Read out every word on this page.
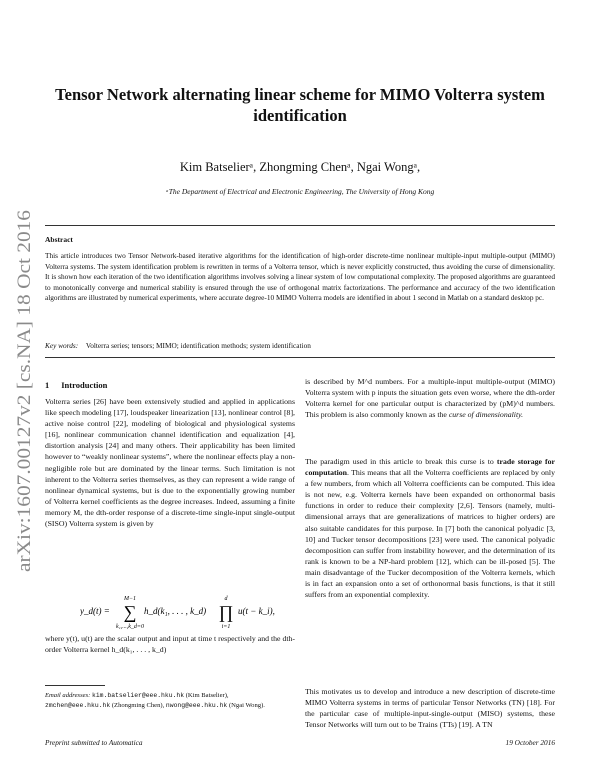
arXiv:1607.00127v2 [cs.NA] 18 Oct 2016
Tensor Network alternating linear scheme for MIMO Volterra system identification
Kim Batselierᵃ, Zhongming Chenᵃ, Ngai Wongᵃ,
ᵃThe Department of Electrical and Electronic Engineering, The University of Hong Kong
Abstract
This article introduces two Tensor Network-based iterative algorithms for the identification of high-order discrete-time nonlinear multiple-input multiple-output (MIMO) Volterra systems. The system identification problem is rewritten in terms of a Volterra tensor, which is never explicitly constructed, thus avoiding the curse of dimensionality. It is shown how each iteration of the two identification algorithms involves solving a linear system of low computational complexity. The proposed algorithms are guaranteed to monotonically converge and numerical stability is ensured through the use of orthogonal matrix factorizations. The performance and accuracy of the two identification algorithms are illustrated by numerical experiments, where accurate degree-10 MIMO Volterra models are identified in about 1 second in Matlab on a standard desktop pc.
Key words: Volterra series; tensors; MIMO; identification methods; system identification
1 Introduction

Volterra series [26] have been extensively studied and applied in applications like speech modeling [17], loudspeaker linearization [13], nonlinear control [8], active noise control [22], modeling of biological and physiological systems [16], nonlinear communication channel identification and equalization [4], distortion analysis [24] and many others. Their applicability has been limited however to “weakly nonlinear systems”, where the nonlinear effects play a non-negligible role but are dominated by the linear terms. Such limitation is not inherent to the Volterra series themselves, as they can represent a wide range of nonlinear dynamical systems, but is due to the exponentially growing number of Volterra kernel coefficients as the degree increases. Indeed, assuming a finite memory M, the dth-order response of a discrete-time single-input single-output (SISO) Volterra system is given by

y_d(t) =
M−1
∑
k₁,...,k_d=0
h_d(k₁, . . . , k_d)
d
∏
i=1
u(t − k_i),

where y(t), u(t) are the scalar output and input at time t respectively and the dth-order Volterra kernel h_d(k₁, . . . , k_d)

Email addresses: kim.batselier@eee.hku.hk (Kim Batselier), zmchen@eee.hku.hk (Zhongming Chen), nwong@eee.hku.hk (Ngai Wong).

is described by M^d numbers. For a multiple-input multiple-output (MIMO) Volterra system with p inputs the situation gets even worse, where the dth-order Volterra kernel for one particular output is characterized by (pM)^d numbers. This problem is also commonly known as the curse of dimensionality.

The paradigm used in this article to break this curse is to trade storage for computation. This means that all the Volterra coefficients are replaced by only a few numbers, from which all Volterra coefficients can be computed. This idea is not new, e.g. Volterra kernels have been expanded on orthonormal basis functions in order to reduce their complexity [2,6]. Tensors (namely, multi-dimensional arrays that are generalizations of matrices to higher orders) are also suitable candidates for this purpose. In [7] both the canonical polyadic [3, 10] and Tucker tensor decompositions [23] were used. The canonical polyadic decomposition can suffer from instability however, and the determination of its rank is known to be a NP-hard problem [12], which can be ill-posed [5]. The main disadvantage of the Tucker decomposition of the Volterra kernels, which is in fact an expansion onto a set of orthonormal basis functions, is that it still suffers from an exponential complexity.

This motivates us to develop and introduce a new description of discrete-time MIMO Volterra systems in terms of particular Tensor Networks (TN) [18]. For the particular case of multiple-input-single-output (MISO) systems, these Tensor Networks will turn out to be Trains (TTs) [19]. A TN

Preprint submitted to Automatica	19 October 2016
